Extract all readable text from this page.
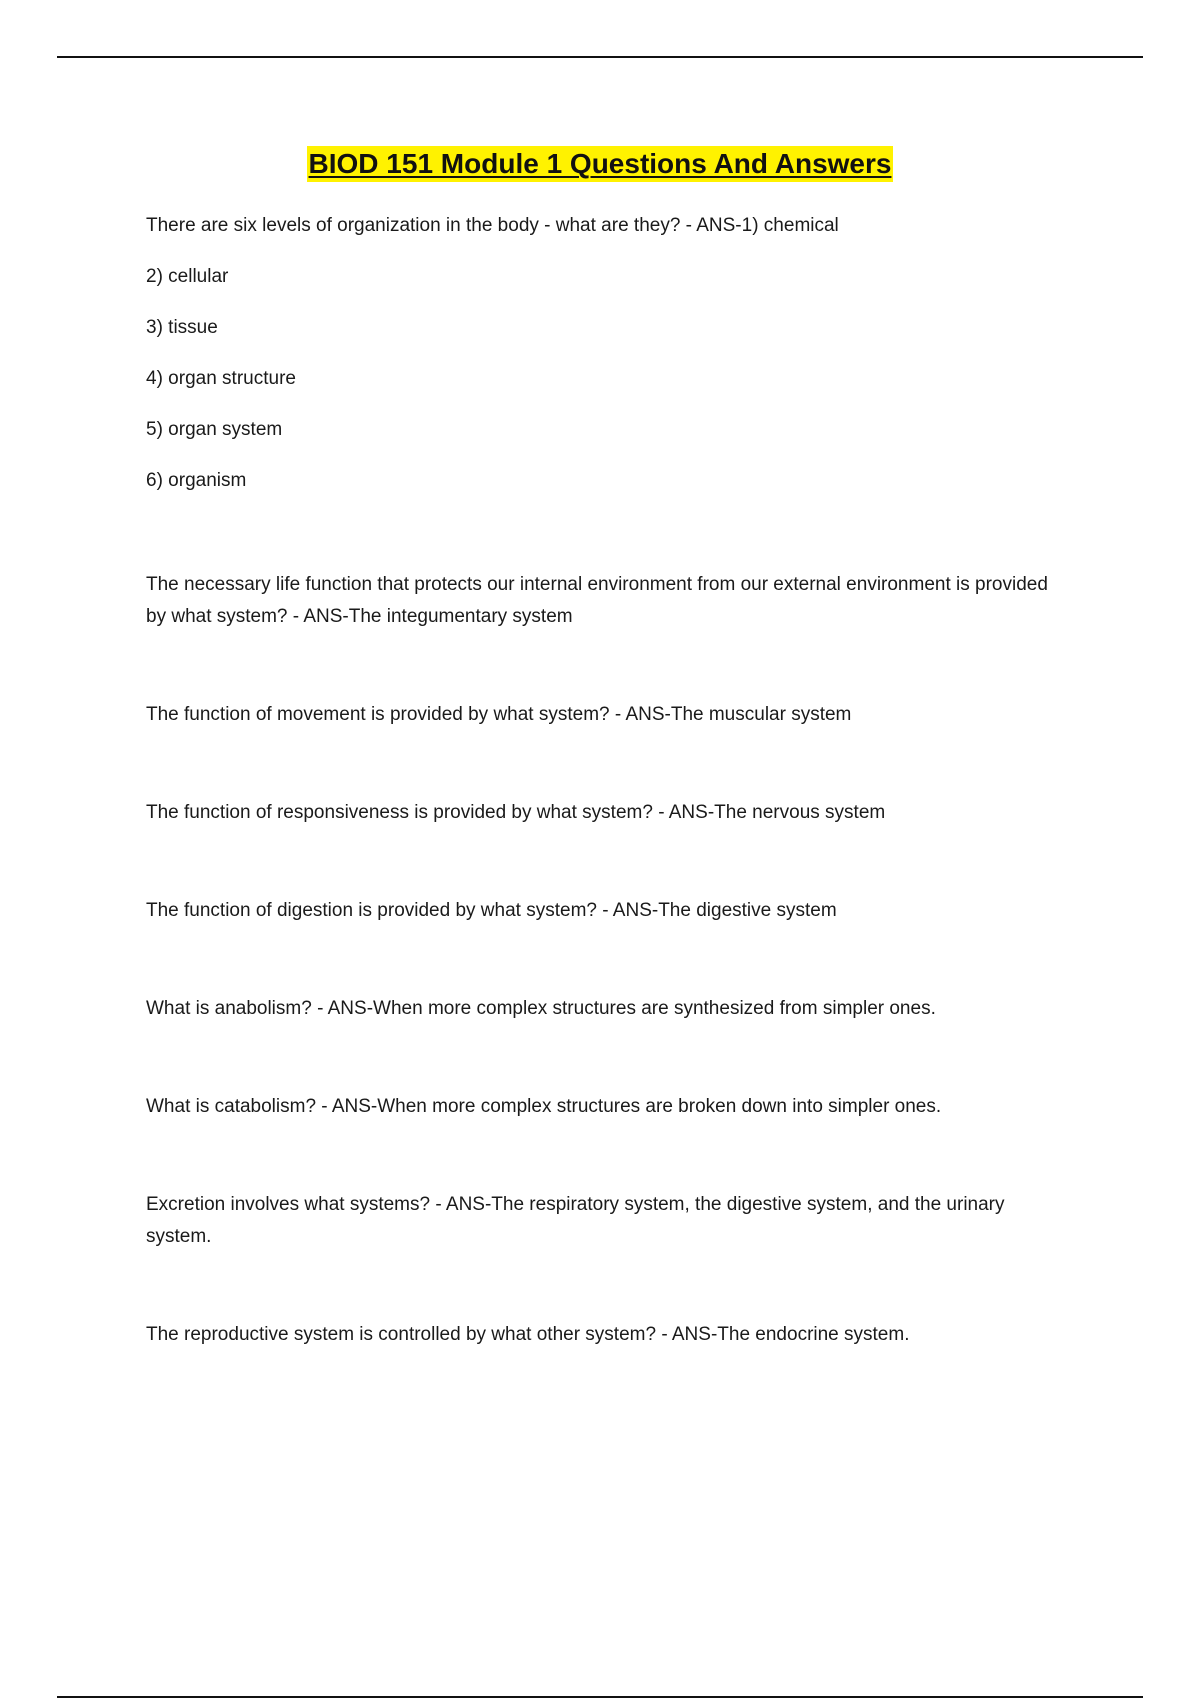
BIOD 151 Module 1 Questions And Answers

There are six levels of organization in the body - what are they? - ANS-1) chemical

2) cellular

3) tissue

4) organ structure

5) organ system

6) organism

The necessary life function that protects our internal environment from our external environment is provided by what system? - ANS-The integumentary system

The function of movement is provided by what system? - ANS-The muscular system

The function of responsiveness is provided by what system? - ANS-The nervous system

The function of digestion is provided by what system? - ANS-The digestive system

What is anabolism? - ANS-When more complex structures are synthesized from simpler ones.

What is catabolism? - ANS-When more complex structures are broken down into simpler ones.

Excretion involves what systems? - ANS-The respiratory system, the digestive system, and the urinary system.

The reproductive system is controlled by what other system? - ANS-The endocrine system.
